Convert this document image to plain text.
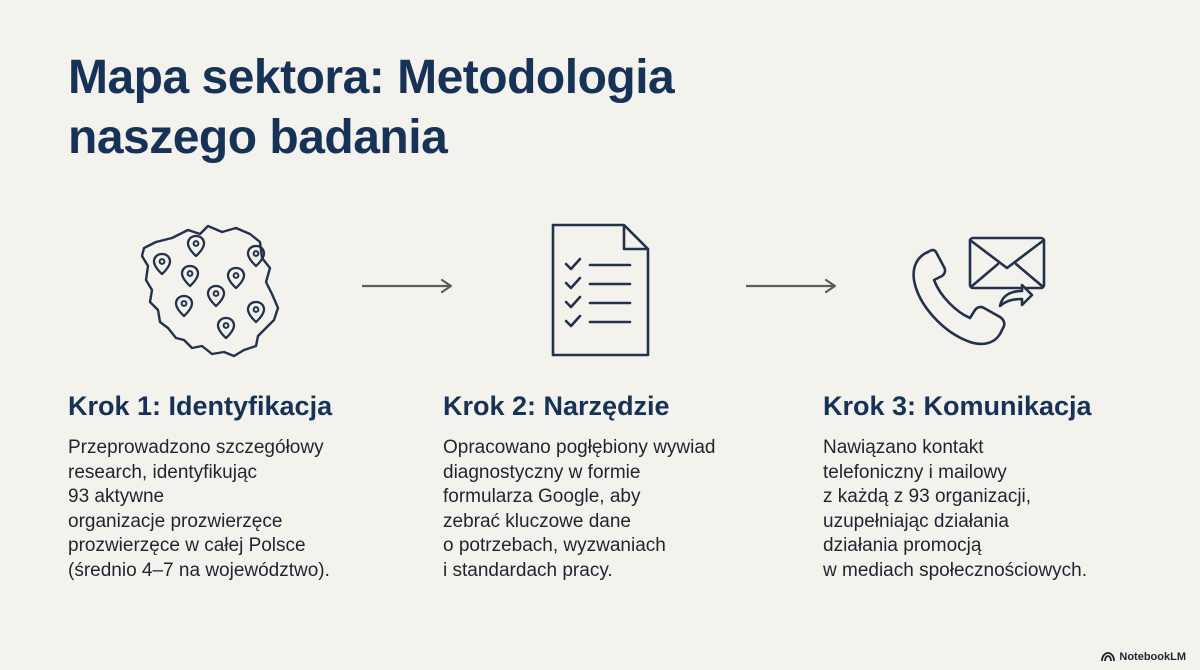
Mapa sektora: Metodologia naszego badania
Krok 1: Identyfikacja

Przeprowadzono szczegółowy
research, identyfikując
93 aktywne
organizacje prozwierzęce
prozwierzęce w całej Polsce
(średnio 4–7 na województwo).

Krok 2: Narzędzie

Opracowano pogłębiony wywiad
diagnostyczny w formie
formularza Google, aby
zebrać kluczowe dane
o potrzebach, wyzwaniach
i standardach pracy.

Krok 3: Komunikacja

Nawiązano kontakt
telefoniczny i mailowy
z każdą z 93 organizacji,
uzupełniając działania
działania promocją
w mediach społecznościowych.

NotebookLM
